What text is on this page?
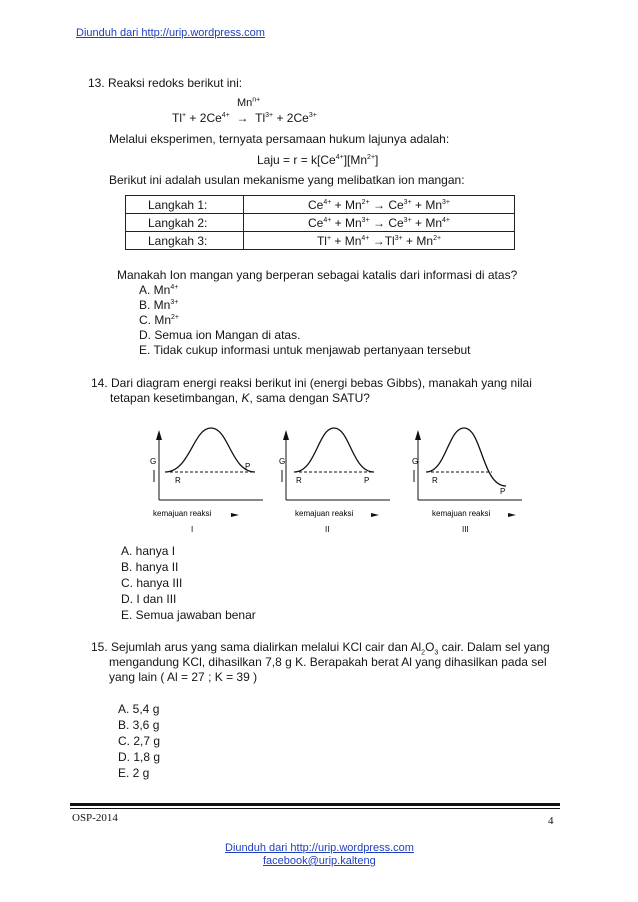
Diunduh dari http://urip.wordpress.com
13. Reaksi redoks berikut ini:
$Mn^{n+}$
$Tl^+ + 2Ce^{4+} \to Tl^{3+} + 2Ce^{3+}$
Melalui eksperimen, ternyata persamaan hukum lajunya adalah:
Laju = $r = k[Ce^{4+}][Mn^{2+}]$
Berikut ini adalah usulan mekanisme yang melibatkan ion mangan:
Langkah 1:	$Ce^{4+} + Mn^{2+} \to Ce^{3+} + Mn^{3+}$
Langkah 2:	$Ce^{4+} + Mn^{3+} \to Ce^{3+} + Mn^{4+}$
Langkah 3:	$Tl^+ + Mn^{4+} \to Tl^{3+} + Mn^{2+}$
Manakah Ion mangan yang berperan sebagai katalis dari informasi di atas?
A. $Mn^{4+}$
B. $Mn^{3+}$
C. $Mn^{2+}$
D. Semua ion Mangan di atas.
E. Tidak cukup informasi untuk menjawab pertanyaan tersebut
14. Dari diagram energi reaksi berikut ini (energi bebas Gibbs), manakah yang nilai
tetapan kesetimbangan, K, sama dengan SATU?
G
R
P
kemajuan reaksi
I
G
R	P
kemajuan reaksi
II
G
R
P
kemajuan reaksi
III
A. hanya I
B. hanya II
C. hanya III
D. I dan III
E. Semua jawaban benar
15. Sejumlah arus yang sama dialirkan melalui KCl cair dan $Al_2O_3$ cair. Dalam sel yang
mengandung KCl, dihasilkan 7,8 g K. Berapakah berat Al yang dihasilkan pada sel
yang lain ( Al = 27 ; K = 39 )
A. 5,4 g
B. 3,6 g
C. 2,7 g
D. 1,8 g
E. 2 g
OSP-2014	4
Diunduh dari http://urip.wordpress.com
facebook@urip.kalteng
